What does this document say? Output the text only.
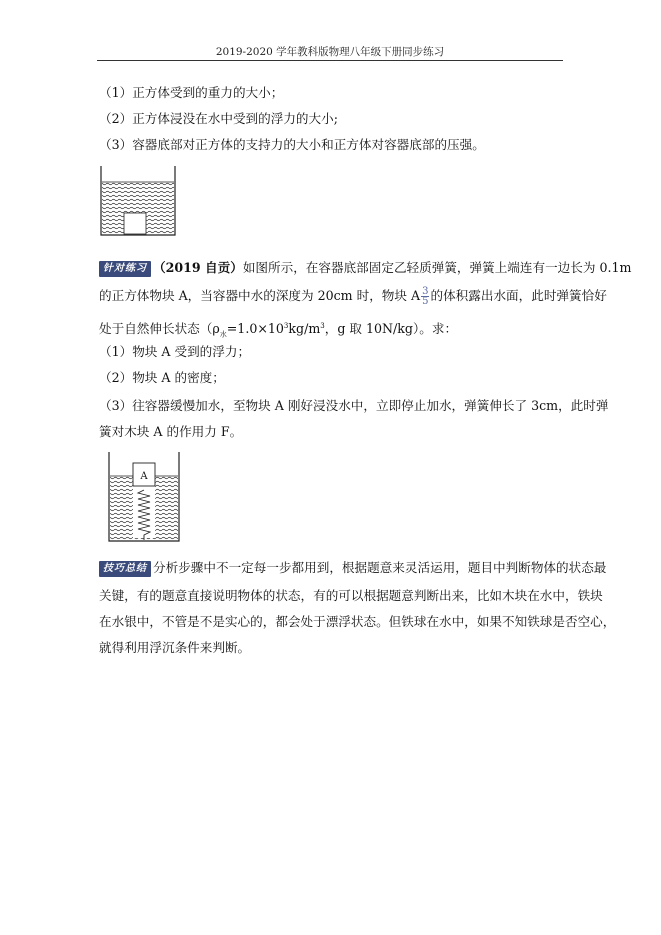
2019-2020 学年教科版物理八年级下册同步练习
（1）正方体受到的重力的大小；
（2）正方体浸没在水中受到的浮力的大小;
（3）容器底部对正方体的支持力的大小和正方体对容器底部的压强。
针对练习 （2019 自贡）如图所示，在容器底部固定乙轻质弹簧，弹簧上端连有一边长为 0.1m
的正方体物块 A，当容器中水的深度为 20cm 时，物块 A $\frac{3}{5}$ 的体积露出水面，此时弹簧恰好
处于自然伸长状态（$\rho_水=1.0\times 10^3kg/m^3$，g 取 10N/kg）。求：
（1）物块 A 受到的浮力；
（2）物块 A 的密度；
（3）往容器缓慢加水，至物块 A 刚好浸没水中，立即停止加水，弹簧伸长了 3cm，此时弹
簧对木块 A 的作用力 F。
A
技巧总结 分析步骤中不一定每一步都用到，根据题意来灵活运用，题目中判断物体的状态最
关键，有的题意直接说明物体的状态，有的可以根据题意判断出来，比如木块在水中，铁块
在水银中，不管是不是实心的，都会处于漂浮状态。但铁球在水中，如果不知铁球是否空心，
就得利用浮沉条件来判断。
